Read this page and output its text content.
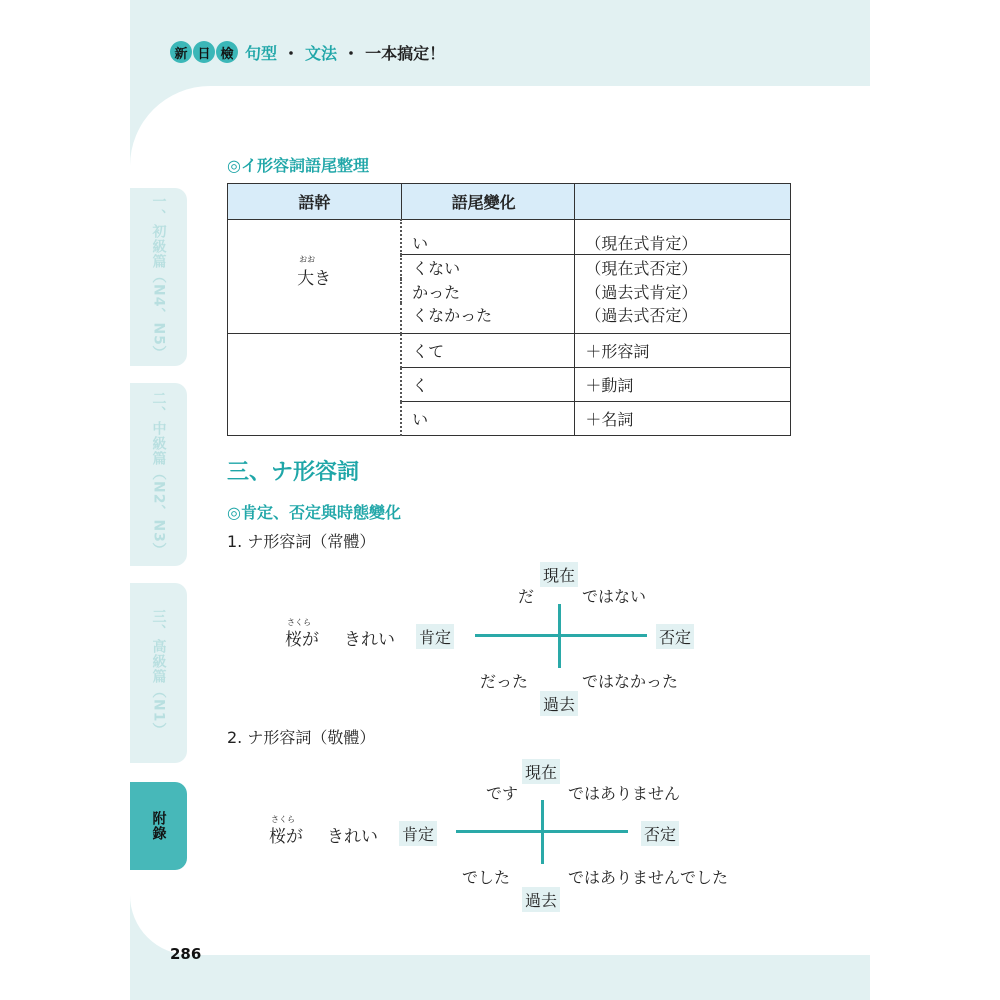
新 日 檢 句型 ・ 文法 ・ 一本搞定！
一、初級篇（N4、N5）
二、中級篇（N2、N3）
三、高級篇（N1）
附錄
◎イ形容詞語尾整理
語幹	語尾變化	

おお
大き	い	（現在式肯定）
	くない	（現在式否定）
	かった	（過去式肯定）
	くなかった	（過去式否定）
	くて	＋形容詞
	く	＋動詞
	い	＋名詞
三、ナ形容詞
◎肯定、否定與時態變化
1. ナ形容詞（常體）
さくら
桜が きれい 肯定	否定
現在
過去
だ	ではない
だった	ではなかった
2. ナ形容詞（敬體）
さくら
桜が きれい 肯定	否定
現在
過去
です	ではありません
でした	ではありませんでした
286
